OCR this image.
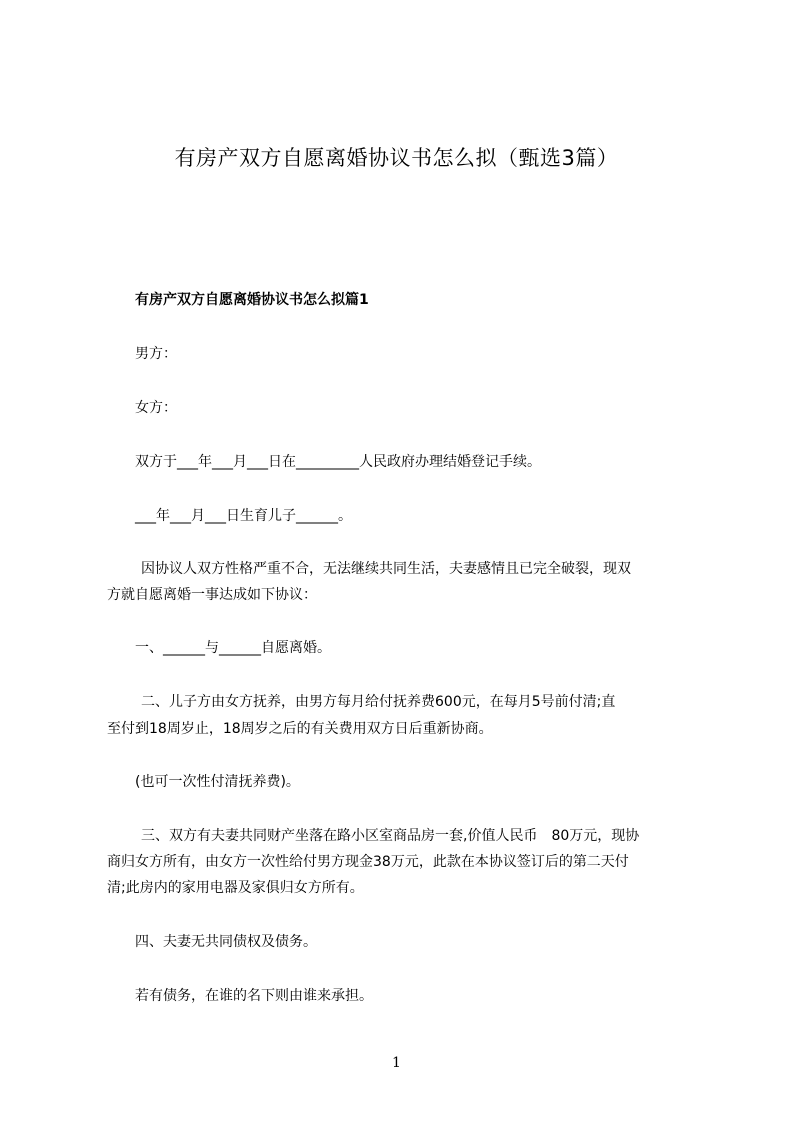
有房产双方自愿离婚协议书怎么拟（甄选3篇）
有房产双方自愿离婚协议书怎么拟篇1
男方：
女方：
双方于___年___月___日在_________人民政府办理结婚登记手续。
___年___月___日生育儿子______。
因协议人双方性格严重不合，无法继续共同生活，夫妻感情且已完全破裂，现双
方就自愿离婚一事达成如下协议：
一、______与______自愿离婚。
二、儿子方由女方抚养，由男方每月给付抚养费600元，在每月5号前付清;直
至付到18周岁止，18周岁之后的有关费用双方日后重新协商。
(也可一次性付清抚养费)。
三、双方有夫妻共同财产坐落在路小区室商品房一套,价值人民币　80万元，现协
商归女方所有，由女方一次性给付男方现金38万元，此款在本协议签订后的第二天付
清;此房内的家用电器及家俱归女方所有。
四、夫妻无共同债权及债务。
若有债务，在谁的名下则由谁来承担。
1
